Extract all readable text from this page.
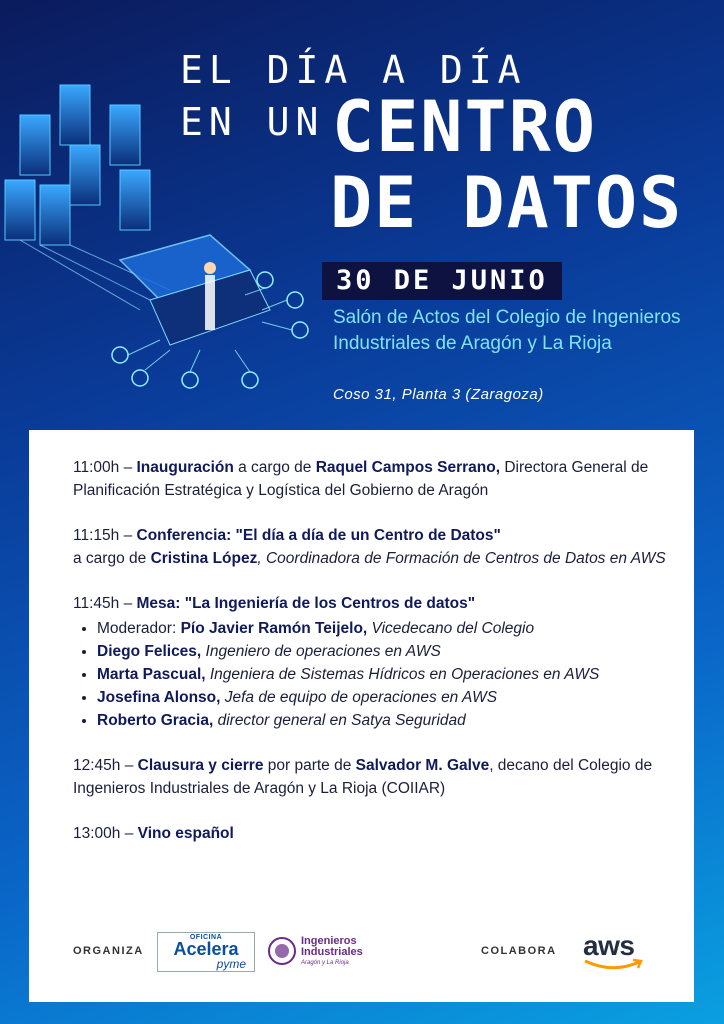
EL DÍA A DÍA
EN UN CENTRO
DE DATOS
30 DE JUNIO
Salón de Actos del Colegio de Ingenieros Industriales de Aragón y La Rioja
Coso 31, Planta 3 (Zaragoza)

11:00h – Inauguración a cargo de Raquel Campos Serrano, Directora General de Planificación Estratégica y Logística del Gobierno de Aragón

11:15h – Conferencia: "El día a día de un Centro de Datos"

a cargo de Cristina López, Coordinadora de Formación de Centros de Datos en AWS

11:45h – Mesa: "La Ingeniería de los Centros de datos"

• Moderador: Pío Javier Ramón Teijelo, Vicedecano del Colegio
• Diego Felices, Ingeniero de operaciones en AWS
• Marta Pascual, Ingeniera de Sistemas Hídricos en Operaciones en AWS
• Josefina Alonso, Jefa de equipo de operaciones en AWS
• Roberto Gracia, director general en Satya Seguridad

12:45h – Clausura y cierre por parte de Salvador M. Galve, decano del Colegio de Ingenieros Industriales de Aragón y La Rioja (COIIAR)

13:00h – Vino español

ORGANIZA
OFICINA
Acelera
pyme
Ingenieros Industriales
Aragón y La Rioja
COLABORA aws
